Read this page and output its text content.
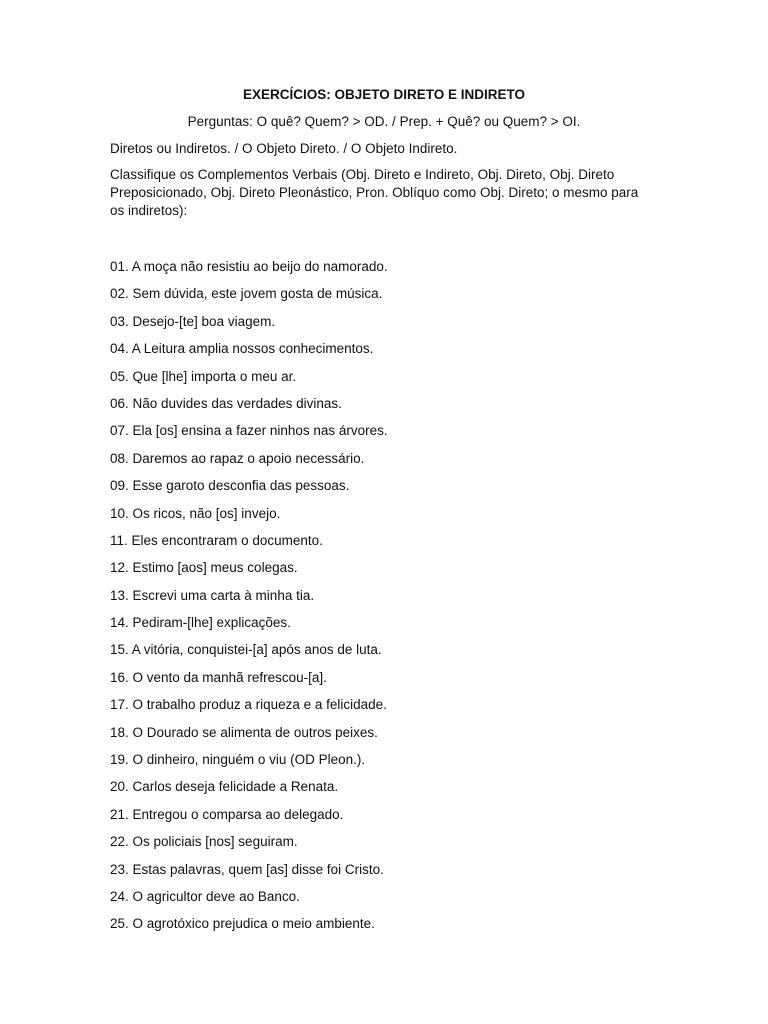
EXERCÍCIOS: OBJETO DIRETO E INDIRETO
Perguntas: O quê? Quem? > OD. / Prep. + Quê? ou Quem? > OI.
Diretos ou Indiretos. / O Objeto Direto. / O Objeto Indireto.
Classifique os Complementos Verbais (Obj. Direto e Indireto, Obj. Direto, Obj. Direto Preposicionado, Obj. Direto Pleonástico, Pron. Oblíquo como Obj. Direto; o mesmo para os indiretos):
01. A moça não resistiu ao beijo do namorado.
02. Sem dúvida, este jovem gosta de música.
03. Desejo-[te] boa viagem.
04. A Leitura amplia nossos conhecimentos.
05. Que [lhe] importa o meu ar.
06. Não duvides das verdades divinas.
07. Ela [os] ensina a fazer ninhos nas árvores.
08. Daremos ao rapaz o apoio necessário.
09. Esse garoto desconfia das pessoas.
10. Os ricos, não [os] invejo.
11. Eles encontraram o documento.
12. Estimo [aos] meus colegas.
13. Escrevi uma carta à minha tia.
14. Pediram-[lhe] explicações.
15. A vitória, conquistei-[a] após anos de luta.
16. O vento da manhã refrescou-[a].
17. O trabalho produz a riqueza e a felicidade.
18. O Dourado se alimenta de outros peixes.
19. O dinheiro, ninguém o viu (OD Pleon.).
20. Carlos deseja felicidade a Renata.
21. Entregou o comparsa ao delegado.
22. Os policiais [nos] seguiram.
23. Estas palavras, quem [as] disse foi Cristo.
24. O agricultor deve ao Banco.
25. O agrotóxico prejudica o meio ambiente.
